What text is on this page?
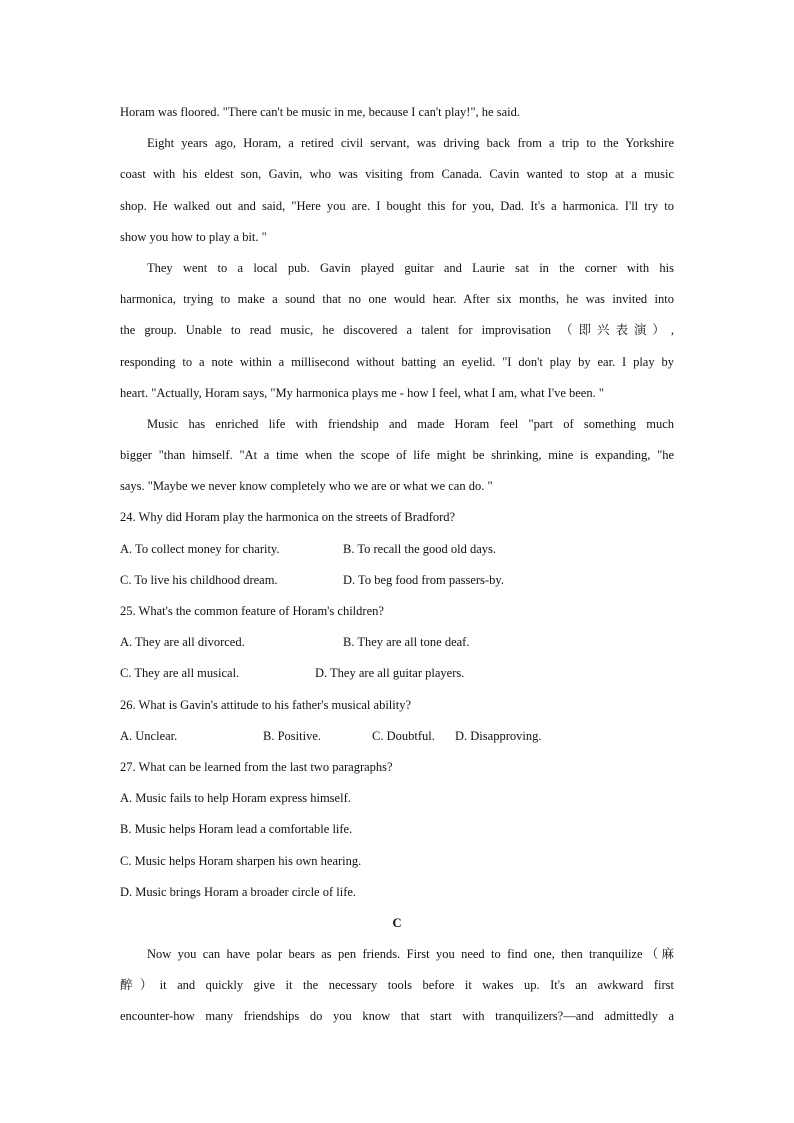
Horam was floored. "There can't be music in me, because I can't play!", he said.
Eight years ago, Horam, a retired civil servant, was driving back from a trip to the Yorkshire
coast with his eldest son, Gavin, who was visiting from Canada. Cavin wanted to stop at a music
shop. He walked out and said, "Here you are. I bought this for you, Dad. It's a harmonica. I'll try to
show you how to play a bit. "
They went to a local pub. Gavin played guitar and Laurie sat in the corner with his
harmonica, trying to make a sound that no one would hear. After six months, he was invited into
the group. Unable to read music, he discovered a talent for improvisation （即兴表演）,
responding to a note within a millisecond without batting an eyelid. "I don't play by ear. I play by
heart. "Actually, Horam says, "My harmonica plays me - how I feel, what I am, what I've been. "
Music has enriched life with friendship and made Horam feel "part of something much
bigger "than himself. "At a time when the scope of life might be shrinking, mine is expanding, "he
says. "Maybe we never know completely who we are or what we can do. "
24. Why did Horam play the harmonica on the streets of Bradford?
A. To collect money for charity.	B. To recall the good old days.
C. To live his childhood dream.	D. To beg food from passers-by.
25. What's the common feature of Horam's children?
A. They are all divorced.	B. They are all tone deaf.
C. They are all musical.	D. They are all guitar players.
26. What is Gavin's attitude to his father's musical ability?
A. Unclear.	B. Positive.	C. Doubtful. D. Disapproving.
27. What can be learned from the last two paragraphs?
A. Music fails to help Horam express himself.
B. Music helps Horam lead a comfortable life.
C. Music helps Horam sharpen his own hearing.
D. Music brings Horam a broader circle of life.
C
Now you can have polar bears as pen friends. First you need to find one, then tranquilize（麻
醉）it and quickly give it the necessary tools before it wakes up. It's an awkward first
encounter-how many friendships do you know that start with tranquilizers?—and admittedly a
